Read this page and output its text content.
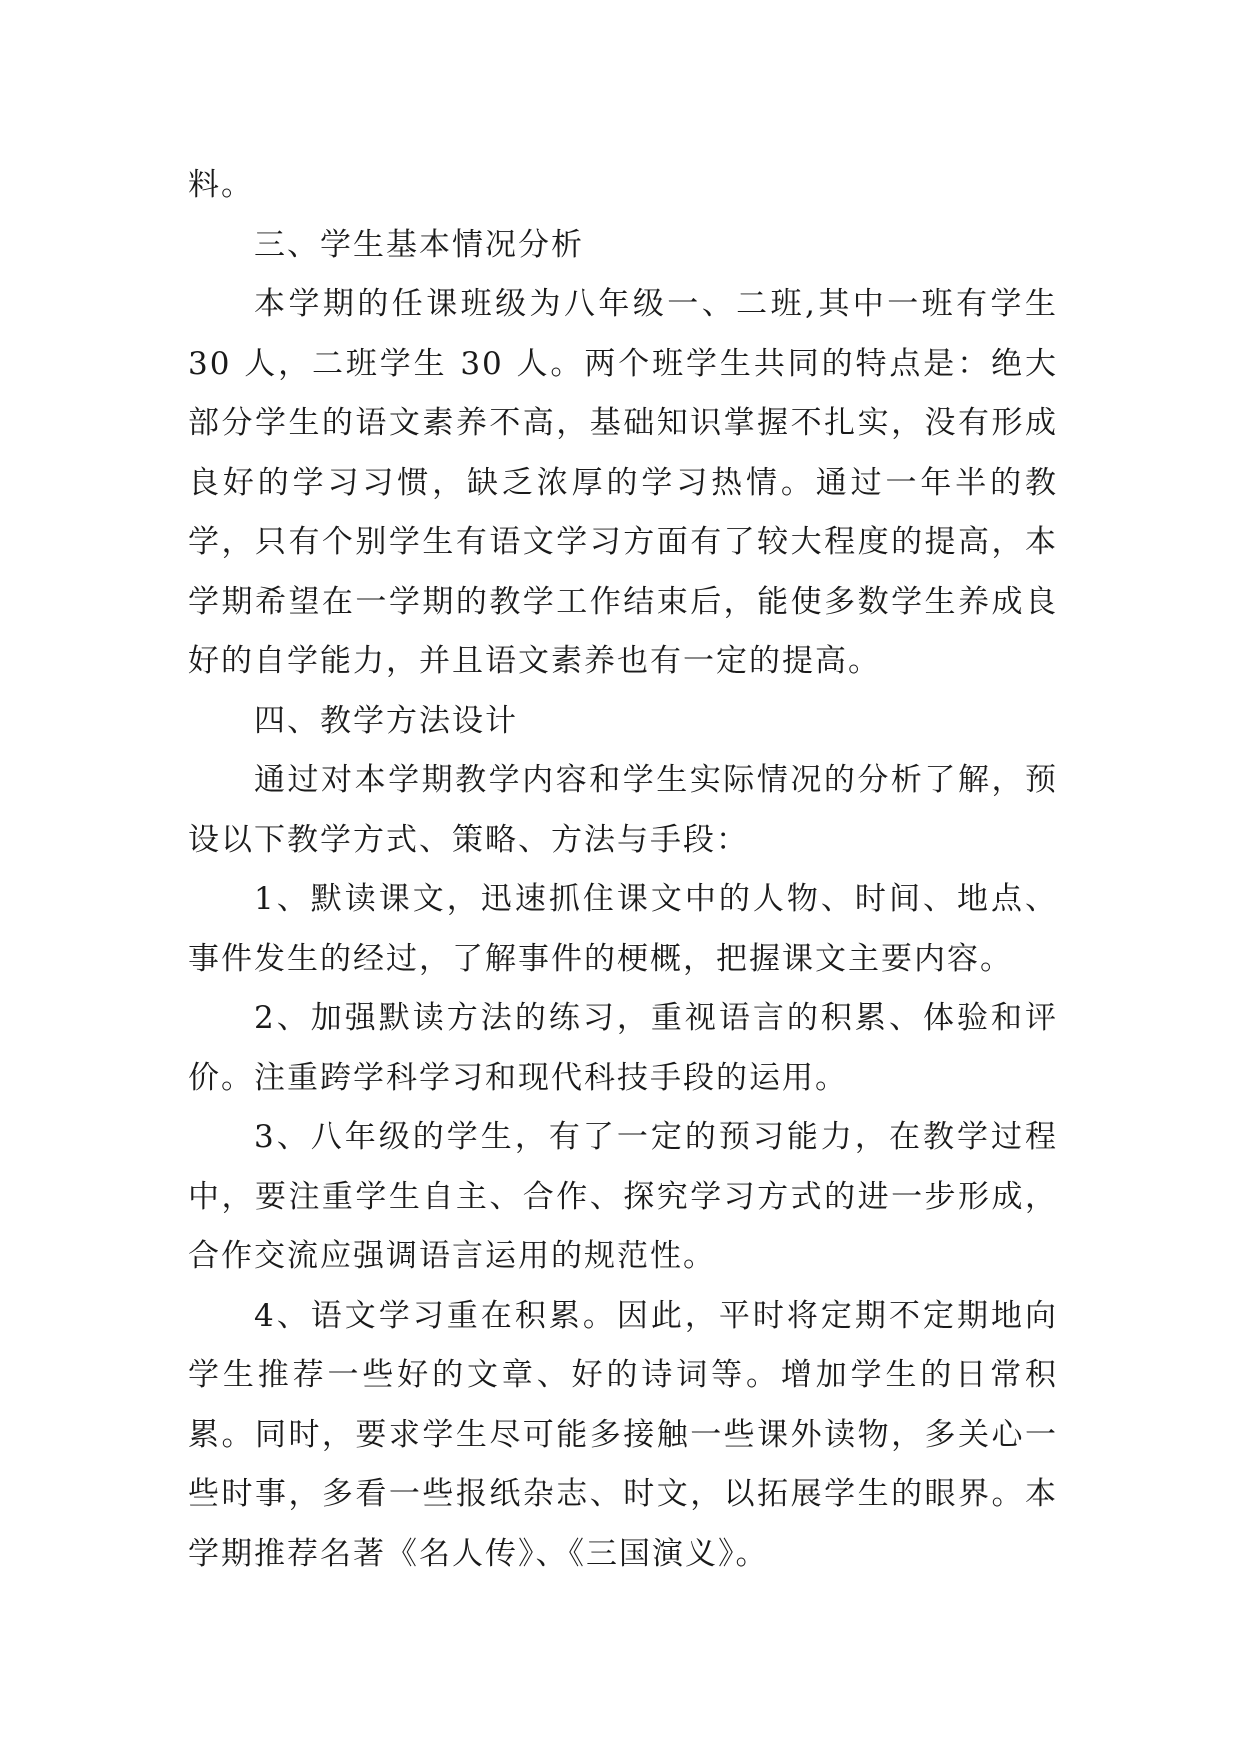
料。

三、学生基本情况分析

本学期的任课班级为八年级一、二班,其中一班有学生 30 人，二班学生 30 人。两个班学生共同的特点是：绝大部分学生的语文素养不高，基础知识掌握不扎实，没有形成良好的学习习惯，缺乏浓厚的学习热情。通过一年半的教学，只有个别学生有语文学习方面有了较大程度的提高，本学期希望在一学期的教学工作结束后，能使多数学生养成良好的自学能力，并且语文素养也有一定的提高。

四、教学方法设计

通过对本学期教学内容和学生实际情况的分析了解，预设以下教学方式、策略、方法与手段：

1、默读课文，迅速抓住课文中的人物、时间、地点、事件发生的经过，了解事件的梗概，把握课文主要内容。

2、加强默读方法的练习，重视语言的积累、体验和评价。注重跨学科学习和现代科技手段的运用。

3、八年级的学生，有了一定的预习能力，在教学过程中，要注重学生自主、合作、探究学习方式的进一步形成，合作交流应强调语言运用的规范性。

4、语文学习重在积累。因此，平时将定期不定期地向学生推荐一些好的文章、好的诗词等。增加学生的日常积累。同时，要求学生尽可能多接触一些课外读物，多关心一些时事，多看一些报纸杂志、时文，以拓展学生的眼界。本学期推荐名著《名人传》、《三国演义》。
